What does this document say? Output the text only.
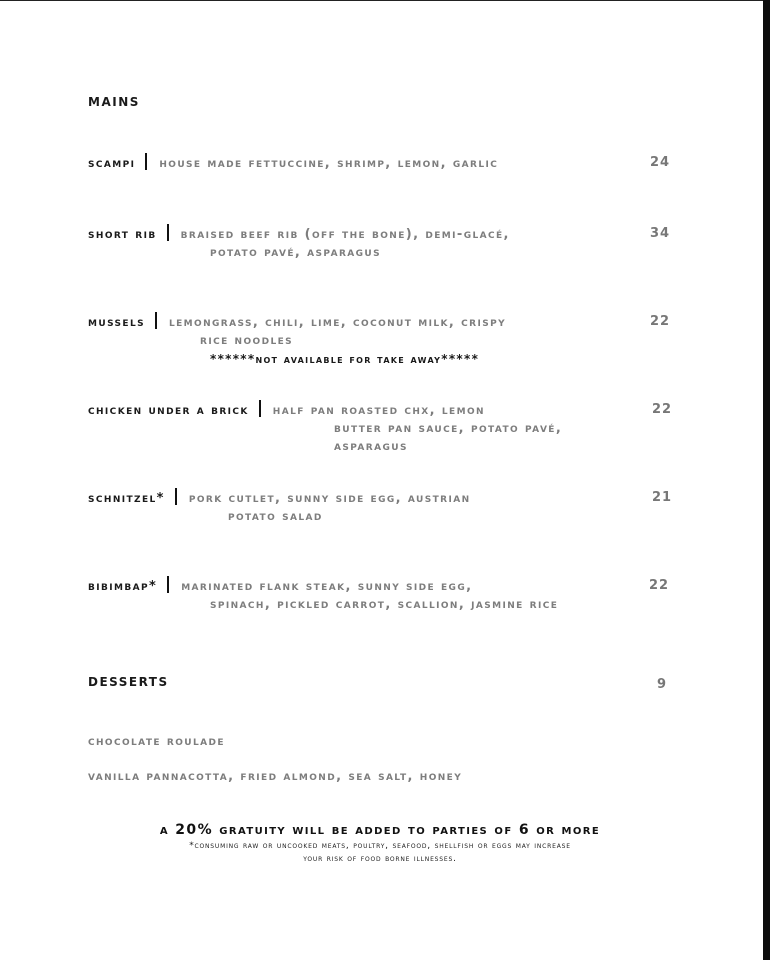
mains
scampi house made fettuccine, shrimp, lemon, garlic	24
short rib braised beef rib (off the bone), demi-glacé,
potato pavé, asparagus
34
mussels lemongrass, chili, lime, coconut milk, crispy
rice noodles
******not available for take away*****
22
chicken under a brick half pan roasted chx, lemon
butter pan sauce, potato pavé,
asparagus
22
schnitzel* pork cutlet, sunny side egg, austrian
potato salad
21
bibimbap* marinated flank steak, sunny side egg,
spinach, pickled carrot, scallion, jasmine rice
22
desserts	9
chocolate roulade
vanilla pannacotta, fried almond, sea salt, honey
a 20% gratuity will be added to parties of 6 or more
*consuming raw or uncooked meats, poultry, seafood, shellfish or eggs may increase
your risk of food borne illnesses.
